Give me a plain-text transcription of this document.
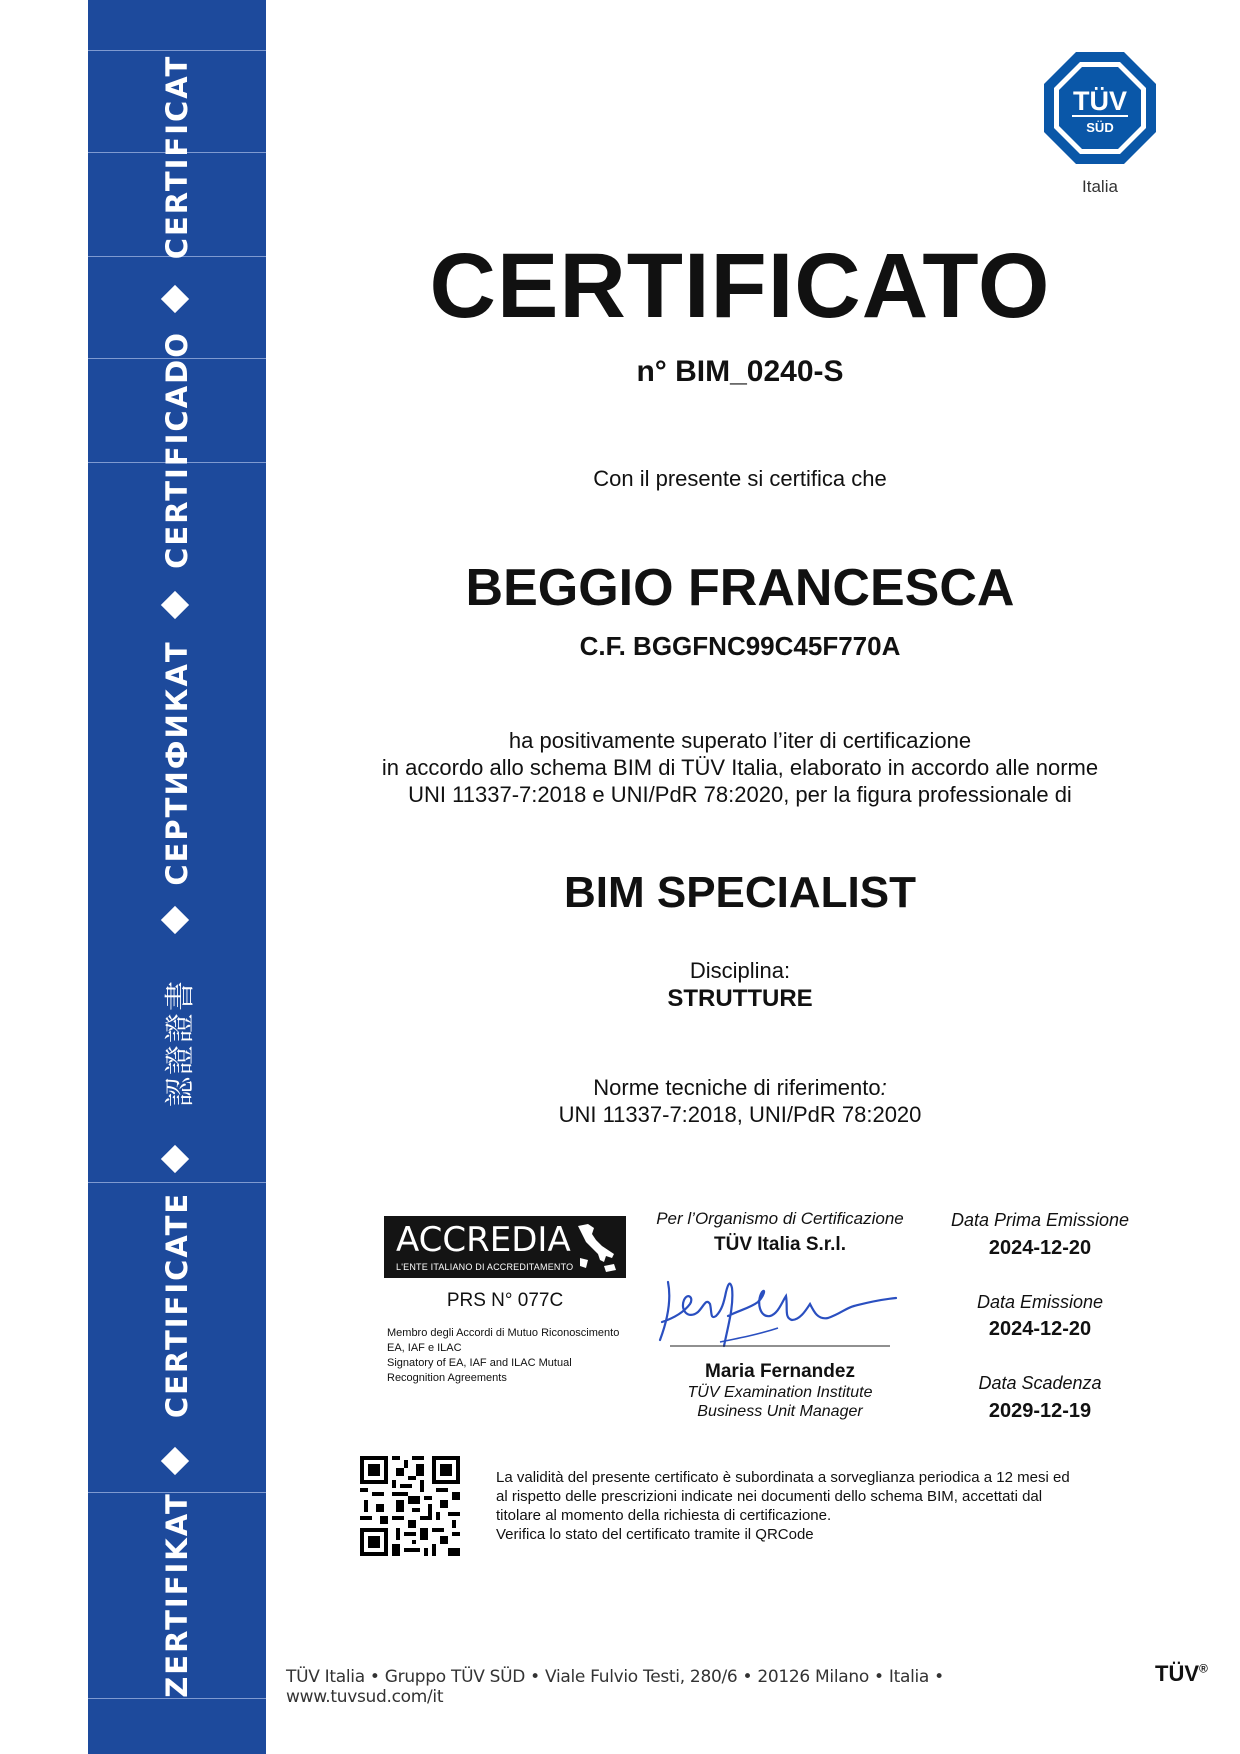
CERTIFICAT
CERTIFICADO
СЕРТИФИКАТ
認證證書
CERTIFICATE
ZERTIFIKAT
TÜV
SÜD
Italia
CERTIFICATO
n° BIM_0240-S
Con il presente si certifica che
BEGGIO FRANCESCA
C.F. BGGFNC99C45F770A
ha positivamente superato l’iter di certificazione
in accordo allo schema BIM di TÜV Italia, elaborato in accordo alle norme
UNI 11337-7:2018 e UNI/PdR 78:2020, per la figura professionale di
BIM SPECIALIST
Disciplina:
STRUTTURE
Norme tecniche di riferimento:
UNI 11337-7:2018, UNI/PdR 78:2020
ACCREDIA
L'ENTE ITALIANO DI ACCREDITAMENTO
PRS N° 077C
Membro degli Accordi di Mutuo Riconoscimento
EA, IAF e ILAC
Signatory of EA, IAF and ILAC Mutual
Recognition Agreements
Per l’Organismo di Certificazione
TÜV Italia S.r.l.
Maria Fernandez
TÜV Examination Institute
Business Unit Manager
Data Prima Emissione
2024-12-20
Data Emissione
2024-12-20
Data Scadenza
2029-12-19
La validità del presente certificato è subordinata a sorveglianza periodica a 12 mesi ed
al rispetto delle prescrizioni indicate nei documenti dello schema BIM, accettati dal
titolare al momento della richiesta di certificazione.
Verifica lo stato del certificato tramite il QRCode
TÜV Italia • Gruppo TÜV SÜD • Viale Fulvio Testi, 280/6 • 20126 Milano • Italia • www.tuvsud.com/it
TÜV®
